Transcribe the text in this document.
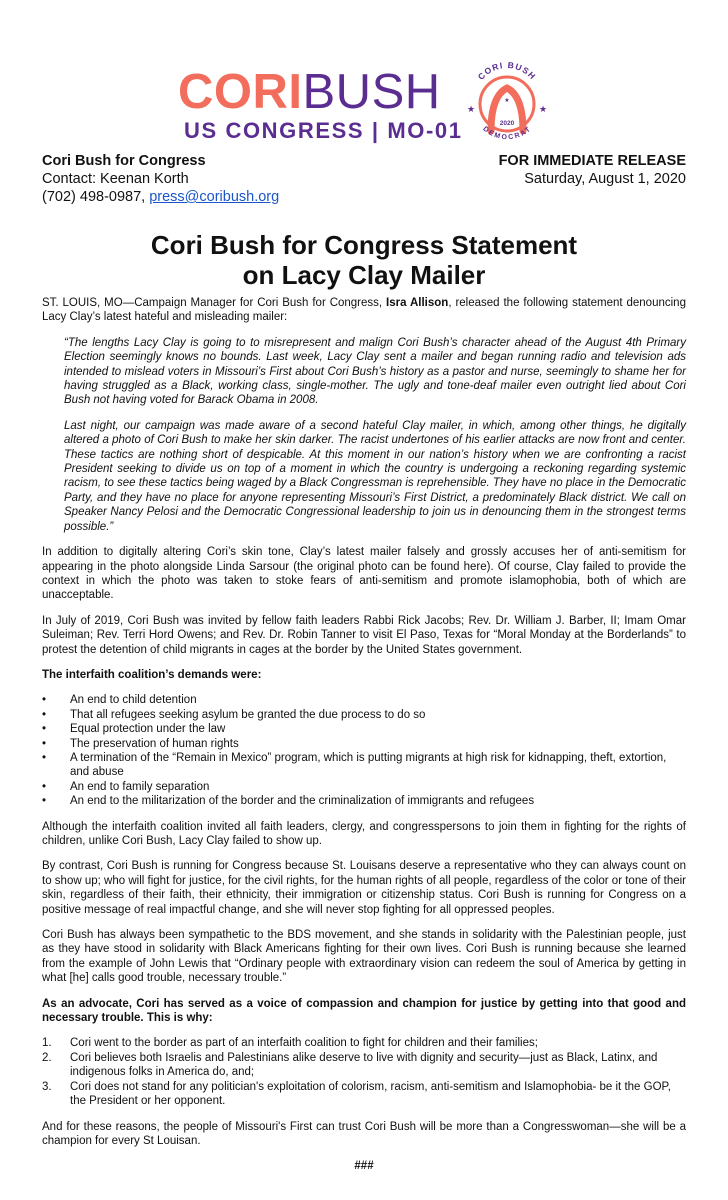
CORIBUSH
US CONGRESS | MO-01
★	★
★
CORI BUSH
2020
DEMOCRAT
Cori Bush for Congress
Contact: Keenan Korth
(702) 498-0987, press@coribush.org
FOR IMMEDIATE RELEASE
Saturday, August 1, 2020
Cori Bush for Congress Statement
on Lacy Clay Mailer

ST. LOUIS, MO—Campaign Manager for Cori Bush for Congress, Isra Allison, released the following statement denouncing Lacy Clay’s latest hateful and misleading mailer:

“The lengths Lacy Clay is going to to misrepresent and malign Cori Bush’s character ahead of the August 4th Primary Election seemingly knows no bounds. Last week, Lacy Clay sent a mailer and began running radio and television ads intended to mislead voters in Missouri’s First about Cori Bush’s history as a pastor and nurse, seemingly to shame her for having struggled as a Black, working class, single-mother. The ugly and tone-deaf mailer even outright lied about Cori Bush not having voted for Barack Obama in 2008.

Last night, our campaign was made aware of a second hateful Clay mailer, in which, among other things, he digitally altered a photo of Cori Bush to make her skin darker. The racist undertones of his earlier attacks are now front and center. These tactics are nothing short of despicable. At this moment in our nation’s history when we are confronting a racist President seeking to divide us on top of a moment in which the country is undergoing a reckoning regarding systemic racism, to see these tactics being waged by a Black Congressman is reprehensible. They have no place in the Democratic Party, and they have no place for anyone representing Missouri’s First District, a predominately Black district. We call on Speaker Nancy Pelosi and the Democratic Congressional leadership to join us in denouncing them in the strongest terms possible.”

In addition to digitally altering Cori’s skin tone, Clay’s latest mailer falsely and grossly accuses her of anti-semitism for appearing in the photo alongside Linda Sarsour (the original photo can be found here). Of course, Clay failed to provide the context in which the photo was taken to stoke fears of anti-semitism and promote islamophobia, both of which are unacceptable.

In July of 2019, Cori Bush was invited by fellow faith leaders Rabbi Rick Jacobs; Rev. Dr. William J. Barber, II; Imam Omar Suleiman; Rev. Terri Hord Owens; and Rev. Dr. Robin Tanner to visit El Paso, Texas for “Moral Monday at the Borderlands” to protest the detention of child migrants in cages at the border by the United States government.

The interfaith coalition’s demands were:

• An end to child detention
• That all refugees seeking asylum be granted the due process to do so
• Equal protection under the law
• The preservation of human rights
• A termination of the “Remain in Mexico” program, which is putting migrants at high risk for kidnapping, theft, extortion, and abuse
• An end to family separation
• An end to the militarization of the border and the criminalization of immigrants and refugees

Although the interfaith coalition invited all faith leaders, clergy, and congresspersons to join them in fighting for the rights of children, unlike Cori Bush, Lacy Clay failed to show up.

By contrast, Cori Bush is running for Congress because St. Louisans deserve a representative who they can always count on to show up; who will fight for justice, for the civil rights, for the human rights of all people, regardless of the color or tone of their skin, regardless of their faith, their ethnicity, their immigration or citizenship status. Cori Bush is running for Congress on a positive message of real impactful change, and she will never stop fighting for all oppressed peoples.

Cori Bush has always been sympathetic to the BDS movement, and she stands in solidarity with the Palestinian people, just as they have stood in solidarity with Black Americans fighting for their own lives. Cori Bush is running because she learned from the example of John Lewis that “Ordinary people with extraordinary vision can redeem the soul of America by getting in what [he] calls good trouble, necessary trouble.”

As an advocate, Cori has served as a voice of compassion and champion for justice by getting into that good and necessary trouble. This is why:

1. Cori went to the border as part of an interfaith coalition to fight for children and their families;
2. Cori believes both Israelis and Palestinians alike deserve to live with dignity and security—just as Black, Latinx, and indigenous folks in America do, and;
3. Cori does not stand for any politician's exploitation of colorism, racism, anti-semitism and Islamophobia- be it the GOP, the President or her opponent.

And for these reasons, the people of Missouri's First can trust Cori Bush will be more than a Congresswoman—she will be a champion for every St Louisan.

###
